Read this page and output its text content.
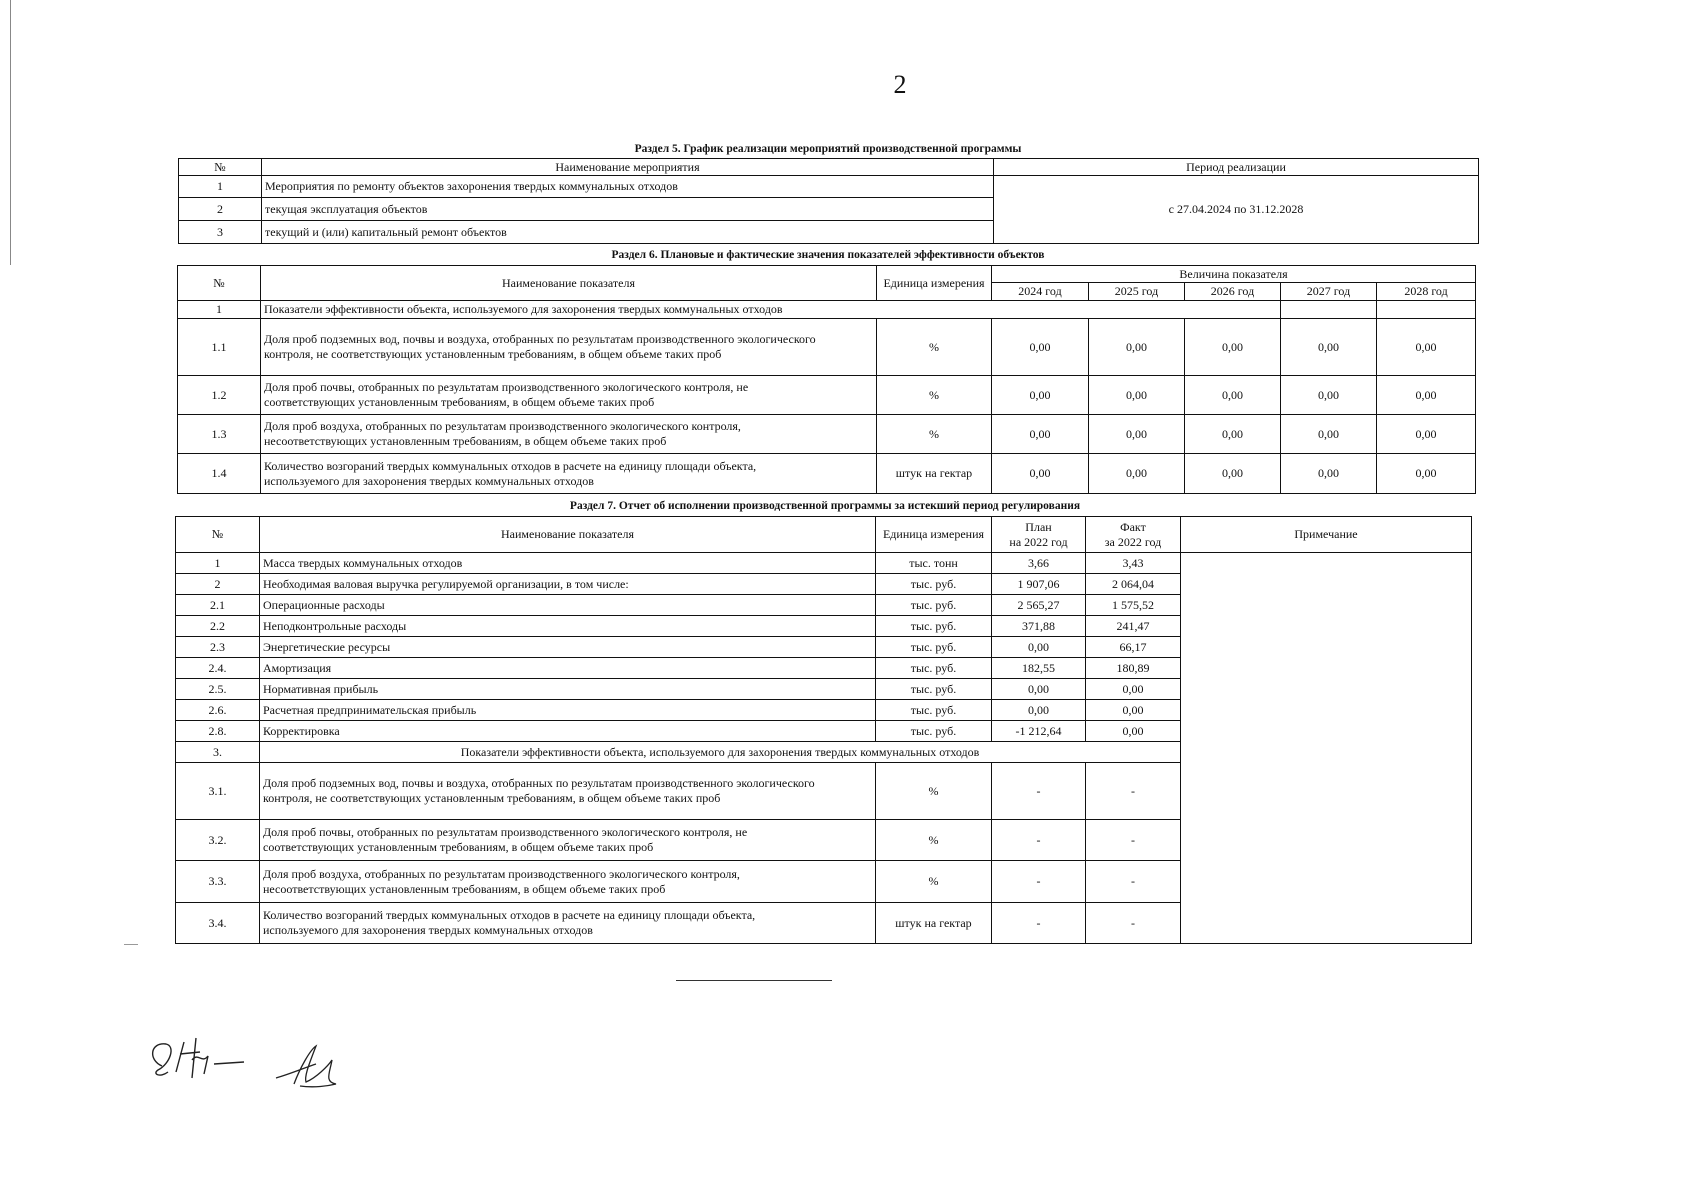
2
Раздел 5. График реализации мероприятий производственной программы
№	Наименование мероприятия	Период реализации
1	Мероприятия по ремонту объектов захоронения твердых коммунальных отходов	с 27.04.2024 по 31.12.2028
2	текущая эксплуатация объектов	
3	текущий и (или) капитальный ремонт объектов	
Раздел 6. Плановые и фактические значения показателей эффективности объектов
№	Наименование показателя	Единица измерения	Величина показателя				
			2024 год	2025 год	2026 год	2027 год	2028 год
1	Показатели эффективности объекта, используемого для захоронения твердых коммунальных отходов						
1.1	Доля проб подземных вод, почвы и воздуха, отобранных по результатам производственного экологического
контроля, не соответствующих установленным требованиям, в общем объеме таких проб	%	0,00	0,00	0,00	0,00	0,00
1.2	Доля проб почвы, отобранных по результатам производственного экологического контроля, не
соответствующих установленным требованиям, в общем объеме таких проб	%	0,00	0,00	0,00	0,00	0,00
1.3	Доля проб воздуха, отобранных по результатам производственного экологического контроля,
несоответствующих установленным требованиям, в общем объеме таких проб	%	0,00	0,00	0,00	0,00	0,00
1.4	Количество возгораний твердых коммунальных отходов в расчете на единицу площади объекта,
используемого для захоронения твердых коммунальных отходов	штук на гектар	0,00	0,00	0,00	0,00	0,00
Раздел 7. Отчет об исполнении производственной программы за истекший период регулирования
№	Наименование показателя	Единица измерения	План
на 2022 год	Факт
за 2022 год	Примечание
1	Масса твердых коммунальных отходов	тыс. тонн	3,66	3,43	
2	Необходимая валовая выручка регулируемой организации, в том числе:	тыс. руб.	1 907,06	2 064,04	
2.1	Операционные расходы	тыс. руб.	2 565,27	1 575,52	
2.2	Неподконтрольные расходы	тыс. руб.	371,88	241,47	
2.3	Энергетические ресурсы	тыс. руб.	0,00	66,17	
2.4.	Амортизация	тыс. руб.	182,55	180,89	
2.5.	Нормативная прибыль	тыс. руб.	0,00	0,00	
2.6.	Расчетная предпринимательская прибыль	тыс. руб.	0,00	0,00	
2.8.	Корректировка	тыс. руб.	-1 212,64	0,00	
3.	Показатели эффективности объекта, используемого для захоронения твердых коммунальных отходов				
3.1.	Доля проб подземных вод, почвы и воздуха, отобранных по результатам производственного экологического
контроля, не соответствующих установленным требованиям, в общем объеме таких проб	%	-	-	
3.2.	Доля проб почвы, отобранных по результатам производственного экологического контроля, не
соответствующих установленным требованиям, в общем объеме таких проб	%	-	-	
3.3.	Доля проб воздуха, отобранных по результатам производственного экологического контроля,
несоответствующих установленным требованиям, в общем объеме таких проб	%	-	-	
3.4.	Количество возгораний твердых коммунальных отходов в расчете на единицу площади объекта,
используемого для захоронения твердых коммунальных отходов	штук на гектар	-	-	
